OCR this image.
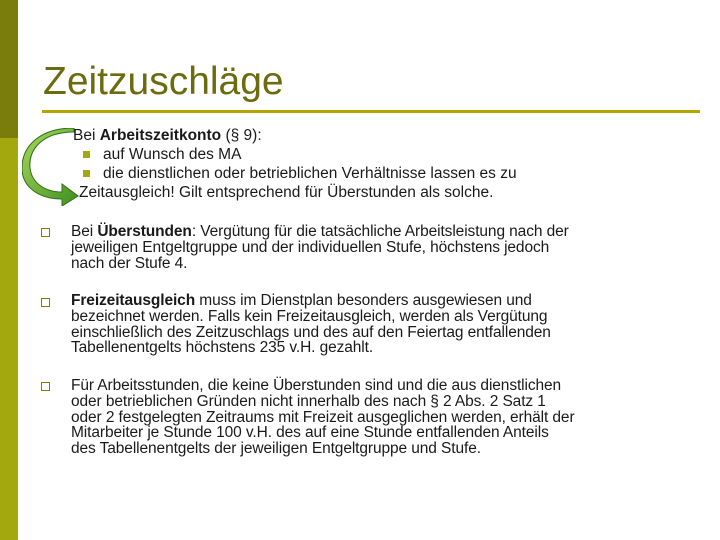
Zeitzuschläge
Bei Arbeitszeitkonto (§ 9):
auf Wunsch des MA
die dienstlichen oder betrieblichen Verhältnisse lassen es zu
Zeitausgleich! Gilt entsprechend für Überstunden als solche.
Bei Überstunden: Vergütung für die tatsächliche Arbeitsleistung nach der
jeweiligen Entgeltgruppe und der individuellen Stufe, höchstens jedoch
nach der Stufe 4.
Freizeitausgleich muss im Dienstplan besonders ausgewiesen und
bezeichnet werden. Falls kein Freizeitausgleich, werden als Vergütung
einschließlich des Zeitzuschlags und des auf den Feiertag entfallenden
Tabellenentgelts höchstens 235 v.H. gezahlt.
Für Arbeitsstunden, die keine Überstunden sind und die aus dienstlichen
oder betrieblichen Gründen nicht innerhalb des nach § 2 Abs. 2 Satz 1
oder 2 festgelegten Zeitraums mit Freizeit ausgeglichen werden, erhält der
Mitarbeiter je Stunde 100 v.H. des auf eine Stunde entfallenden Anteils
des Tabellenentgelts der jeweiligen Entgeltgruppe und Stufe.
